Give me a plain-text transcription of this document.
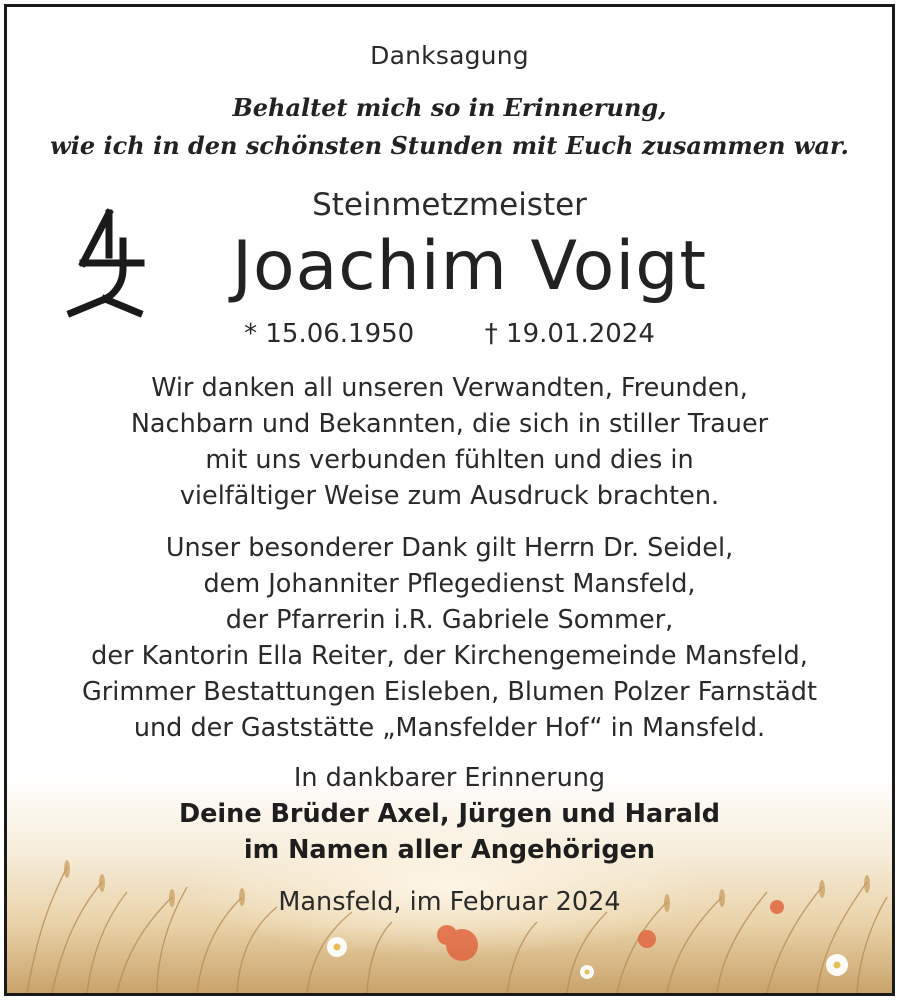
Danksagung
Behaltet mich so in Erinnerung,
wie ich in den schönsten Stunden mit Euch zusammen war.
Steinmetzmeister
Joachim Voigt
* 15.06.1950	† 19.01.2024
Wir danken all unseren Verwandten, Freunden,
Nachbarn und Bekannten, die sich in stiller Trauer
mit uns verbunden fühlten und dies in
vielfältiger Weise zum Ausdruck brachten.
Unser besonderer Dank gilt Herrn Dr. Seidel,
dem Johanniter Pflegedienst Mansfeld,
der Pfarrerin i.R. Gabriele Sommer,
der Kantorin Ella Reiter, der Kirchengemeinde Mansfeld,
Grimmer Bestattungen Eisleben, Blumen Polzer Farnstädt
und der Gaststätte „Mansfelder Hof“ in Mansfeld.
In dankbarer Erinnerung
Deine Brüder Axel, Jürgen und Harald
im Namen aller Angehörigen
Mansfeld, im Februar 2024
